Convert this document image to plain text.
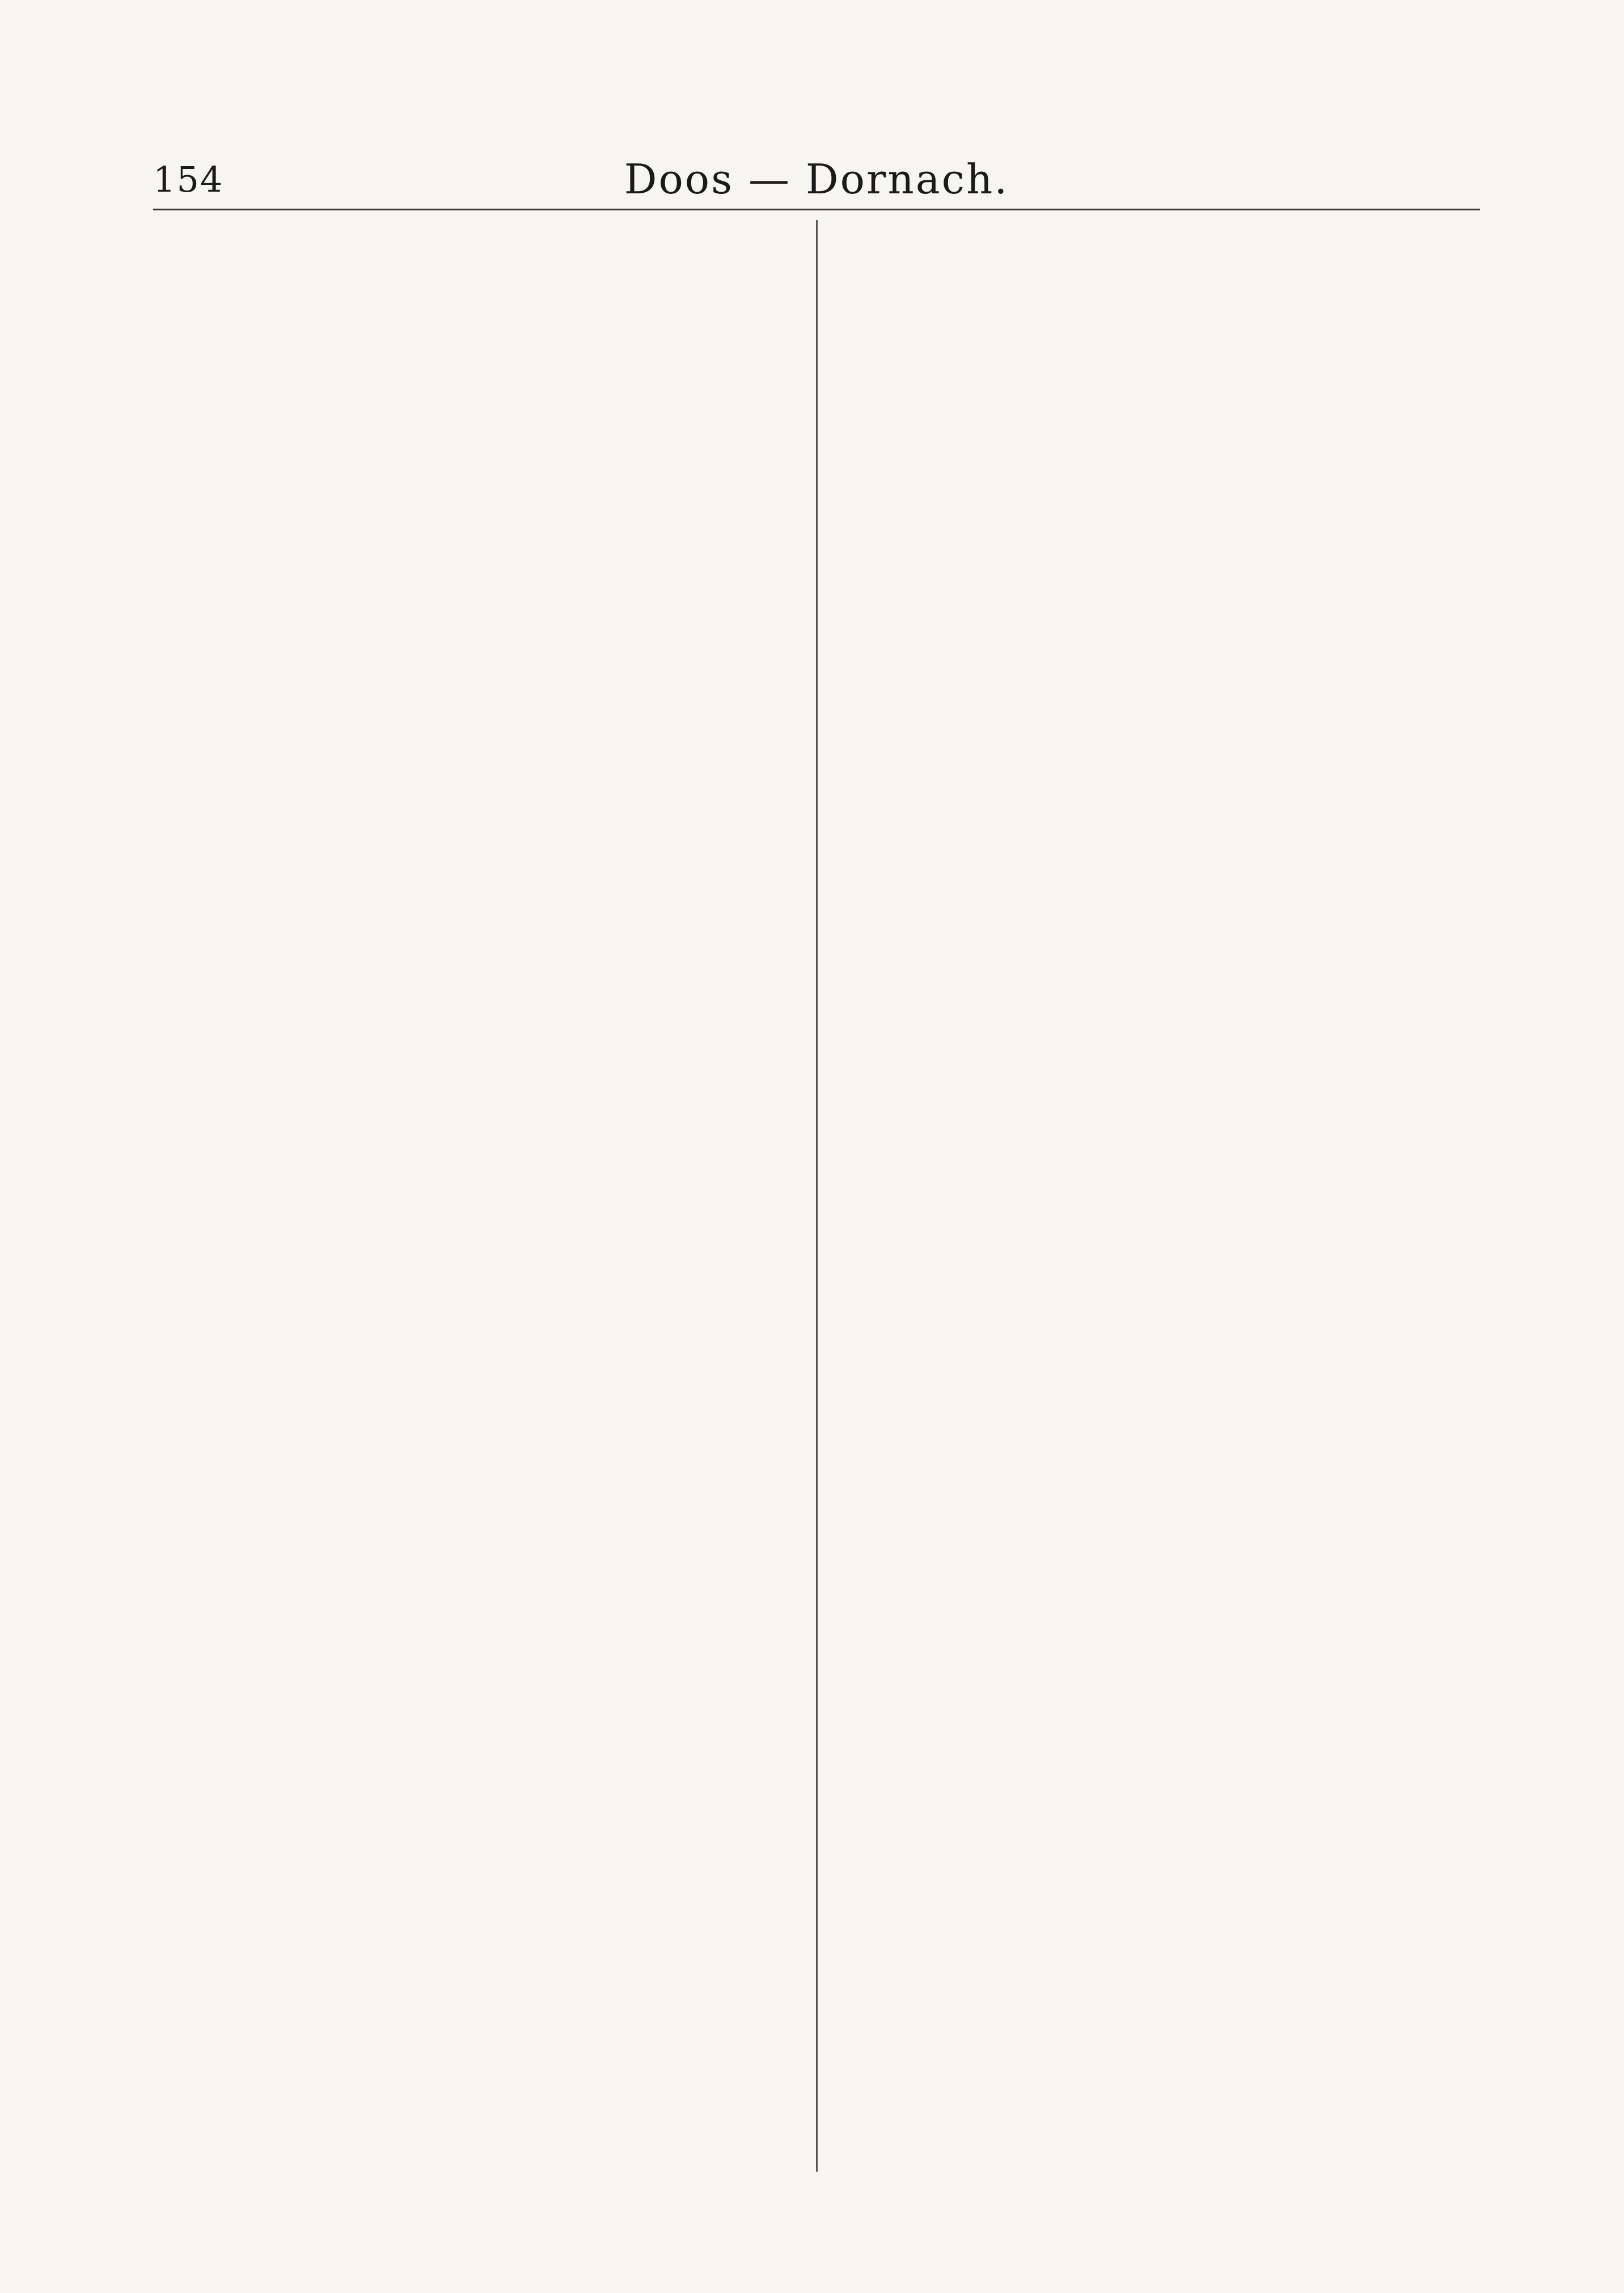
154	Doos — Dornach.
